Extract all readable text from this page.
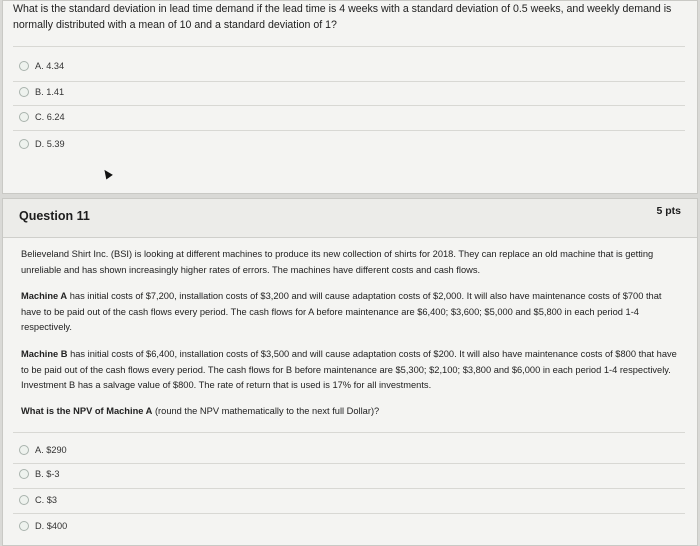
What is the standard deviation in lead time demand if the lead time is 4 weeks with a standard deviation of 0.5 weeks, and weekly demand is normally distributed with a mean of 10 and a standard deviation of 1?
A. 4.34
B. 1.41
C. 6.24
D. 5.39
Question 11	5 pts
Believeland Shirt Inc. (BSI) is looking at different machines to produce its new collection of shirts for 2018. They can replace an old machine that is getting unreliable and has shown increasingly higher rates of errors. The machines have different costs and cash flows.
Machine A has initial costs of $7,200, installation costs of $3,200 and will cause adaptation costs of $2,000. It will also have maintenance costs of $700 that have to be paid out of the cash flows every period. The cash flows for A before maintenance are $6,400; $3,600; $5,000 and $5,800 in each period 1-4 respectively.
Machine B has initial costs of $6,400, installation costs of $3,500 and will cause adaptation costs of $200. It will also have maintenance costs of $800 that have to be paid out of the cash flows every period. The cash flows for B before maintenance are $5,300; $2,100; $3,800 and $6,000 in each period 1-4 respectively. Investment B has a salvage value of $800. The rate of return that is used is 17% for all investments.
What is the NPV of Machine A (round the NPV mathematically to the next full Dollar)?
A. $290
B. $-3
C. $3
D. $400
